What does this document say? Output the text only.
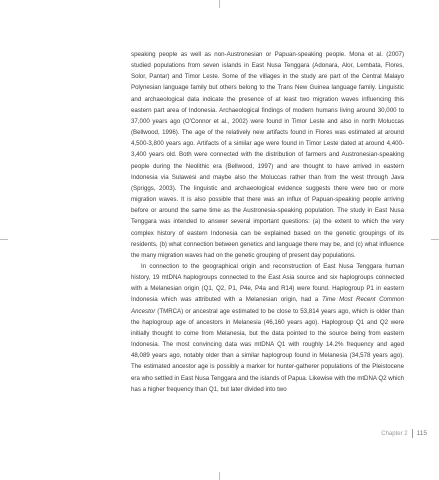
speaking people as well as non-Austronesian or Papuan-speaking people. Mona et al. (2007) studied populations from seven islands in East Nusa Tenggara (Adonara, Alor, Lembata, Flores, Solor, Pantar) and Timor Leste. Some of the villages in the study are part of the Central Malayo Polynesian language family but others belong to the Trans New Guinea language family. Linguistic and archaeological data indicate the presence of at least two migration waves influencing this eastern part area of Indonesia. Archaeological findings of modern humans living around 30,000 to 37,000 years ago (O'Connor et al., 2002) were found in Timor Leste and also in north Moluccas (Bellwood, 1996). The age of the relatively new artifacts found in Flores was estimated at around 4,500-3,800 years ago. Artifacts of a similar age were found in Timor Leste dated at around 4,400-3,400 years old. Both were connected with the distribution of farmers and Austronesian-speaking people during the Neolithic era (Bellwood, 1997) and are thought to have arrived in eastern Indonesia via Sulawesi and maybe also the Moluccas rather than from the west through Java (Spriggs, 2003). The linguistic and archaeological evidence suggests there were two or more migration waves. It is also possible that there was an influx of Papuan-speaking people arriving before or around the same time as the Austronesia-speaking population. The study in East Nusa Tenggara was intended to answer several important questions: (a) the extent to which the very complex history of eastern Indonesia can be explained based on the genetic groupings of its residents, (b) what connection between genetics and language there may be, and (c) what influence the many migration waves had on the genetic grouping of present day populations.

In connection to the geographical origin and reconstruction of East Nusa Tenggara human history, 19 mtDNA haplogroups connected to the East Asia source and six haplogroups connected with a Melanesian origin (Q1, Q2, P1, P4e, P4a and R14) were found. Haplogroup P1 in eastern Indonesia which was attributed with a Melanesian origin, had a Time Most Recent Common Ancestor (TMRCA) or ancestral age estimated to be close to 53,814 years ago, which is older than the haplogroup age of ancestors in Melanesia (46,160 years ago). Haplogroup Q1 and Q2 were initially thought to come from Melanesia, but the data pointed to the source being from eastern Indonesia. The most convincing data was mtDNA Q1 with roughly 14.2% frequency and aged 48,089 years ago, notably older than a similar haplogroup found in Melanesia (34,578 years ago). The estimated ancestor age is possibly a marker for hunter-gatherer populations of the Pleistocene era who settled in East Nusa Tenggara and the islands of Papua. Likewise with the mtDNA Q2 which has a higher frequency than Q1, but later divided into two

Chapter 2 115
